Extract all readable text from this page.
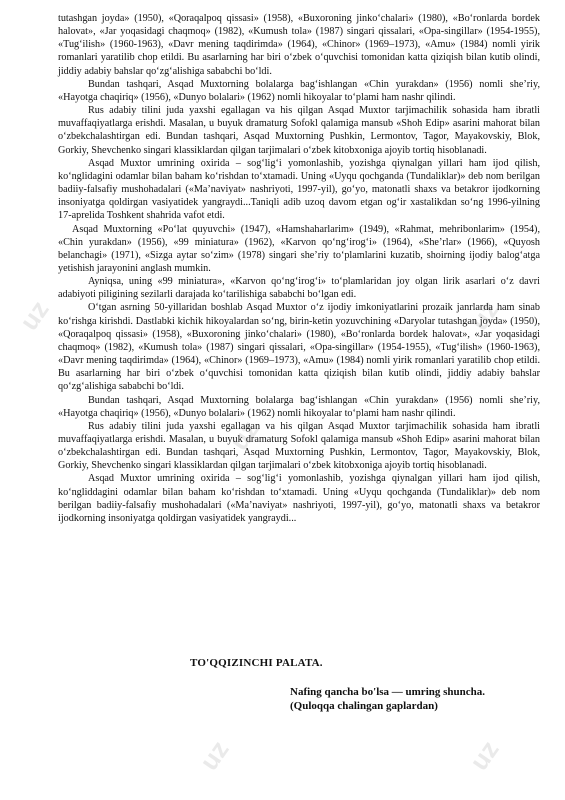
uz
uz
uz
uz	uz

tutashgan joyda» (1950), «Qoraqalpoq qissasi» (1958), «Buxoroning jinko‘chalari» (1980), «Bo‘ronlarda bordek halovat», «Jar yoqasidagi chaqmoq» (1982), «Kumush tola» (1987) singari qissalari, «Opa-singillar» (1954-1955), «Tug‘ilish» (1960-1963), «Davr mening taqdirimda» (1964), «Chinor» (1969–1973), «Amu» (1984) nomli yirik romanlari yaratilib chop etildi. Bu asarlarning har biri o‘zbek o‘quvchisi tomonidan katta qiziqish bilan kutib olindi, jiddiy adabiy bahslar qo‘zg‘alishiga sababchi bo‘ldi.

Bundan tashqari, Asqad Muxtorning bolalarga bag‘ishlangan «Chin yurakdan» (1956) nomli she’riy, «Hayotga chaqiriq» (1956), «Dunyo bolalari» (1962) nomli hikoyalar to‘plami ham nashr qilindi.

Rus adabiy tilini juda yaxshi egallagan va his qilgan Asqad Muxtor tarjimachilik sohasida ham ibratli muvaffaqiyatlarga erishdi. Masalan, u buyuk dramaturg Sofokl qalamiga mansub «Shoh Edip» asarini mahorat bilan o‘zbekchalashtirgan edi. Bundan tashqari, Asqad Muxtorning Pushkin, Lermontov, Tagor, Mayakovskiy, Blok, Gorkiy, Shevchenko singari klassiklardan qilgan tarjimalari o‘zbek kitobxoniga ajoyib tortiq hisoblanadi.

Asqad Muxtor umrining oxirida – sog‘lig‘i yomonlashib, yozishga qiynalgan yillari ham ijod qilish, ko‘nglidagini odamlar bilan baham ko‘rishdan to‘xtamadi. Uning «Uyqu qochganda (Tundaliklar)» deb nom berilgan badiiy-falsafiy mushohadalari («Ma’naviyat» nashriyoti, 1997-yil), go‘yo, matonatli shaxs va betakror ijodkorning insoniyatga qoldirgan vasiyatidek yangraydi...Taniqli adib uzoq davom etgan og‘ir xastalikdan so‘ng 1996-yilning 17-aprelida Toshkent shahrida vafot etdi.

Asqad Muxtorning «Po‘lat quyuvchi» (1947), «Hamshaharlarim» (1949), «Rahmat, mehribonlarim» (1954), «Chin yurakdan» (1956), «99 miniatura» (1962), «Karvon qo‘ng‘irog‘i» (1964), «She’rlar» (1966), «Quyosh belanchagi» (1971), «Sizga aytar so‘zim» (1978) singari she’riy to‘plamlarini kuzatib, shoirning ijodiy balog‘atga yetishish jarayonini anglash mumkin.

Ayniqsa, uning «99 miniatura», «Karvon qo‘ng‘irog‘i» to‘plamlaridan joy olgan lirik asarlari o‘z davri adabiyoti piligining sezilarli darajada ko‘tarilishiga sababchi bo‘lgan edi.

O‘tgan asrning 50-yillaridan boshlab Asqad Muxtor o‘z ijodiy imkoniyatlarini prozaik janrlarda ham sinab ko‘rishga kirishdi. Dastlabki kichik hikoyalardan so‘ng, birin-ketin yozuvchining «Daryolar tutashgan joyda» (1950), «Qoraqalpoq qissasi» (1958), «Buxoroning jinko‘chalari» (1980), «Bo‘ronlarda bordek halovat», «Jar yoqasidagi chaqmoq» (1982), «Kumush tola» (1987) singari qissalari, «Opa-singillar» (1954-1955), «Tug‘ilish» (1960-1963), «Davr mening taqdirimda» (1964), «Chinor» (1969–1973), «Amu» (1984) nomli yirik romanlari yaratilib chop etildi. Bu asarlarning har biri o‘zbek o‘quvchisi tomonidan katta qiziqish bilan kutib olindi, jiddiy adabiy bahslar qo‘zg‘alishiga sababchi bo‘ldi.

Bundan tashqari, Asqad Muxtorning bolalarga bag‘ishlangan «Chin yurakdan» (1956) nomli she’riy, «Hayotga chaqiriq» (1956), «Dunyo bolalari» (1962) nomli hikoyalar to‘plami ham nashr qilindi.

Rus adabiy tilini juda yaxshi egallagan va his qilgan Asqad Muxtor tarjimachilik sohasida ham ibratli muvaffaqiyatlarga erishdi. Masalan, u buyuk dramaturg Sofokl qalamiga mansub «Shoh Edip» asarini mahorat bilan o‘zbekchalashtirgan edi. Bundan tashqari, Asqad Muxtorning Pushkin, Lermontov, Tagor, Mayakovskiy, Blok, Gorkiy, Shevchenko singari klassiklardan qilgan tarjimalari o‘zbek kitobxoniga ajoyib tortiq hisoblanadi.

Asqad Muxtor umrining oxirida – sog‘lig‘i yomonlashib, yozishga qiynalgan yillari ham ijod qilish, ko‘ngliddagini odamlar bilan baham ko‘rishdan to‘xtamadi. Uning «Uyqu qochganda (Tundaliklar)» deb nom berilgan badiiy-falsafiy mushohadalari («Ma’naviyat» nashriyoti, 1997-yil), go‘yo, matonatli shaxs va betakror ijodkorning insoniyatga qoldirgan vasiyatidek yangraydi...

TO'QQIZINCHI PALATA.
Nafing qancha bo'lsa — umring shuncha.
(Quloqqa chalingan gaplardan)
